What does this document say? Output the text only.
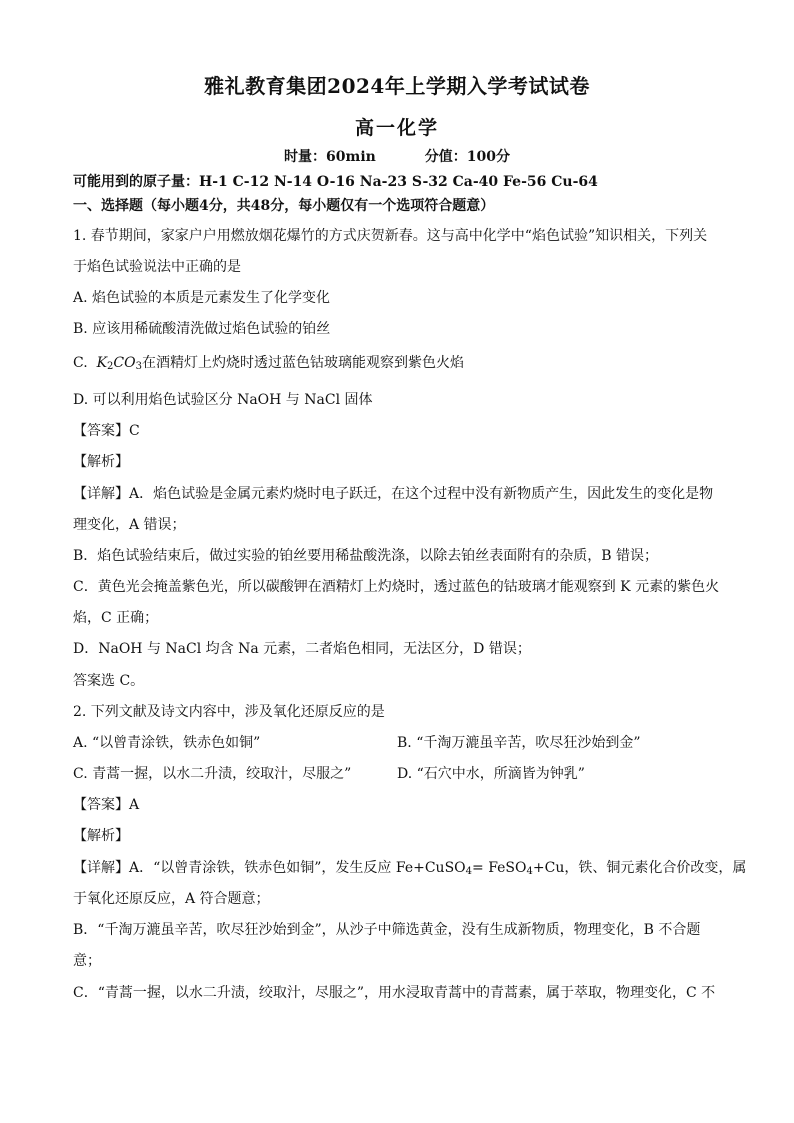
雅礼教育集团2024年上学期入学考试试卷
高一化学
时量：60min	分值：100分
可能用到的原子量：H-1 C-12 N-14 O-16 Na-23 S-32 Ca-40 Fe-56 Cu-64
一、选择题（每小题4分，共48分，每小题仅有一个选项符合题意）
1. 春节期间，家家户户用燃放烟花爆竹的方式庆贺新春。这与高中化学中“焰色试验”知识相关，下列关
于焰色试验说法中正确的是
A. 焰色试验的本质是元素发生了化学变化
B. 应该用稀硫酸清洗做过焰色试验的铂丝
C. $K_2CO_3$在酒精灯上灼烧时透过蓝色钴玻璃能观察到紫色火焰
D. 可以利用焰色试验区分 NaOH 与 NaCl 固体
【答案】C
【解析】
【详解】A．焰色试验是金属元素灼烧时电子跃迁，在这个过程中没有新物质产生，因此发生的变化是物
理变化，A 错误；
B．焰色试验结束后，做过实验的铂丝要用稀盐酸洗涤，以除去铂丝表面附有的杂质，B 错误；
C．黄色光会掩盖紫色光，所以碳酸钾在酒精灯上灼烧时，透过蓝色的钴玻璃才能观察到 K 元素的紫色火
焰，C 正确；
D．NaOH 与 NaCl 均含 Na 元素，二者焰色相同，无法区分，D 错误；
答案选 C。
2. 下列文献及诗文内容中，涉及氧化还原反应的是
A. “以曾青涂铁，铁赤色如铜”	B. “千淘万漉虽辛苦，吹尽狂沙始到金”
C. 青蒿一握，以水二升渍，绞取汁，尽服之”	D. “石穴中水，所滴皆为钟乳”
【答案】A
【解析】
【详解】A．“以曾青涂铁，铁赤色如铜”，发生反应 Fe+CuSO$_4$= FeSO$_4$+Cu，铁、铜元素化合价改变，属
于氧化还原反应，A 符合题意；
B．“千淘万漉虽辛苦，吹尽狂沙始到金”，从沙子中筛选黄金，没有生成新物质，物理变化，B 不合题
意；
C．“青蒿一握，以水二升渍，绞取汁，尽服之”，用水浸取青蒿中的青蒿素，属于萃取，物理变化，C 不
